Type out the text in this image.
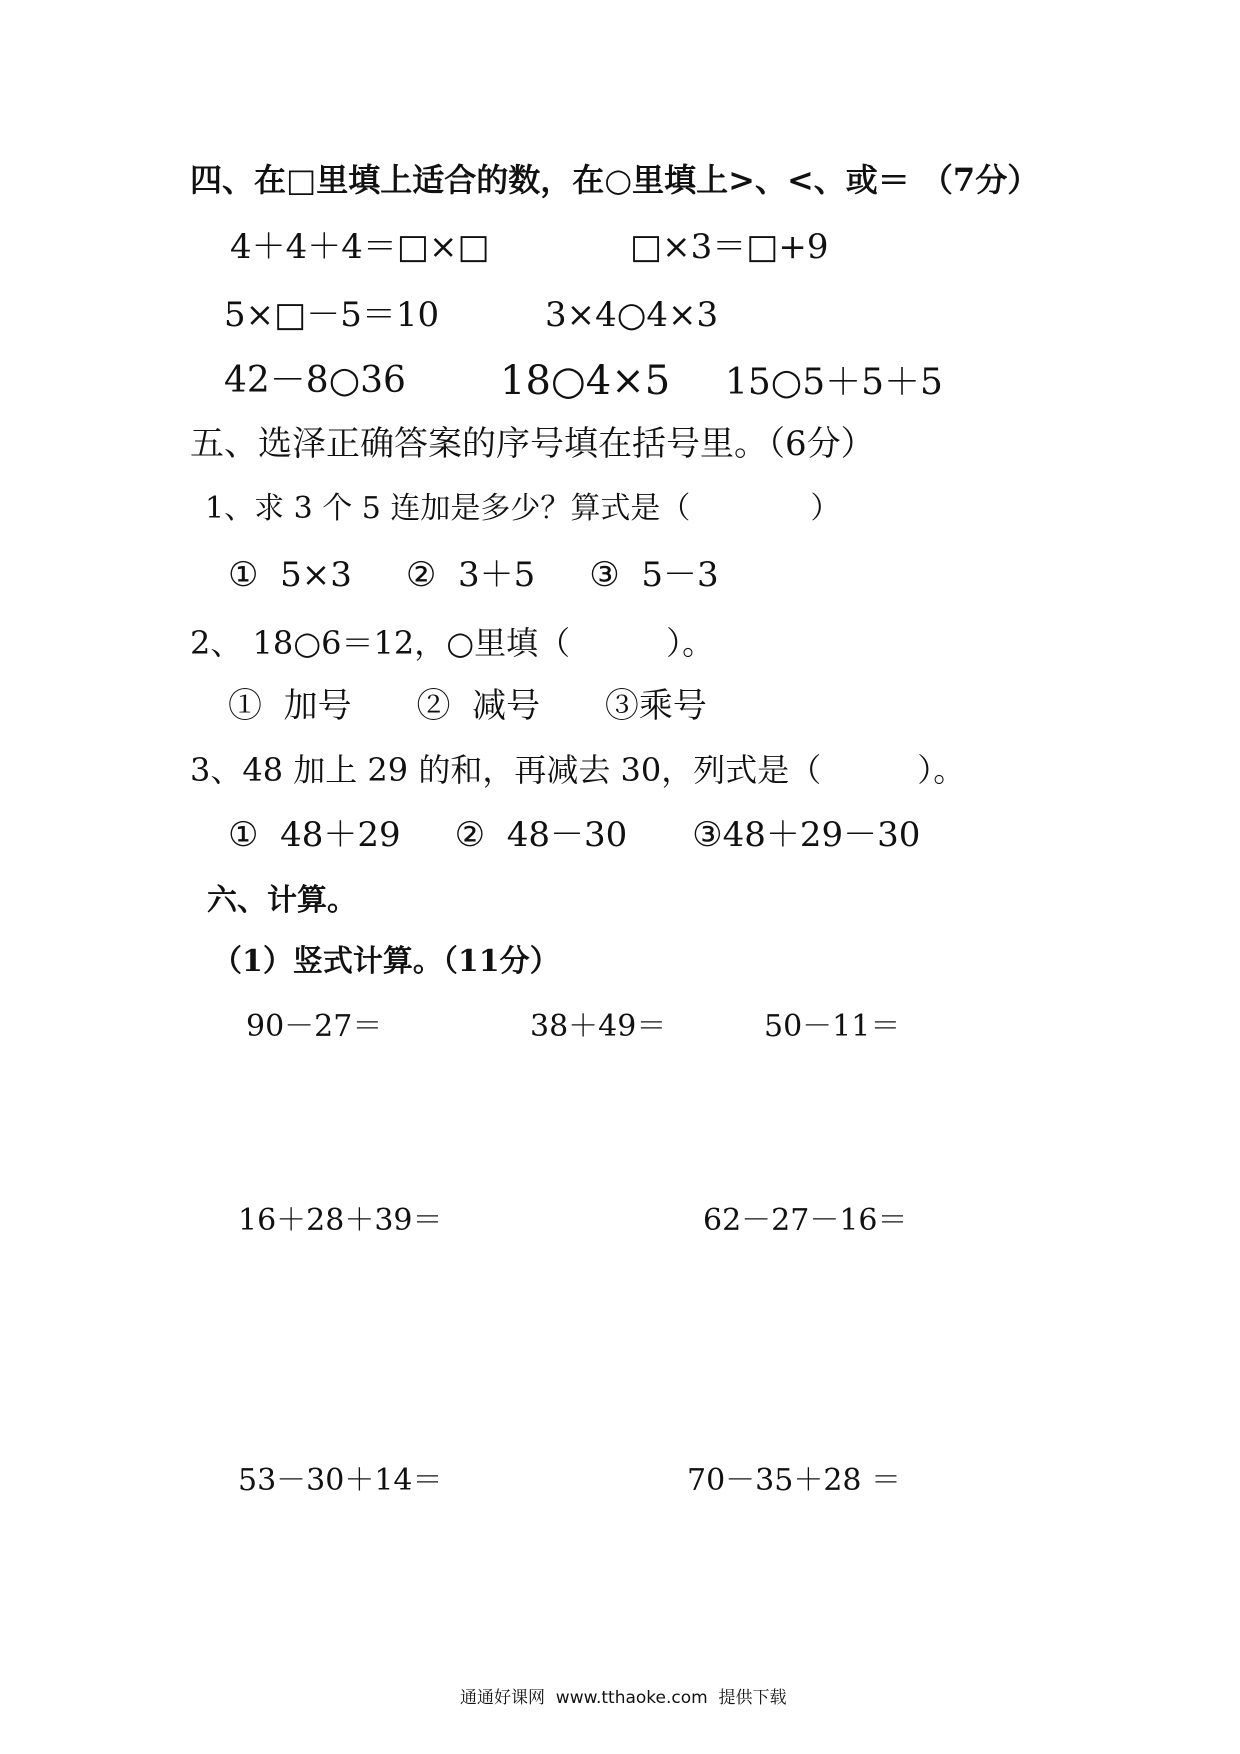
四、在□里填上适合的数，在○里填上>、<、或＝ （7分）
4＋4＋4＝□×□	□×3＝□+9
5×□－5＝10	3×4○4×3
42－8○36 18○4×5 15○5＋5＋5
五、选泽正确答案的序号填在括号里。（6分）
1、求 3 个 5 连加是多少？算式是（　　　　）
①  5×3     ②  3＋5     ③  5－3
2、 18○6＝12，○里填（　　　）。
①  加号      ②  减号      ③乘号
3、48 加上 29 的和，再减去 30，列式是（　　　）。
①  48＋29     ②  48－30      ③48＋29－30
六、计算。
（1）竖式计算。（11分）
90－27＝	38＋49＝	50－11＝
16＋28＋39＝	62－27－16＝
53－30＋14＝	70－35＋28 ＝
通通好课网  www.tthaoke.com  提供下载
